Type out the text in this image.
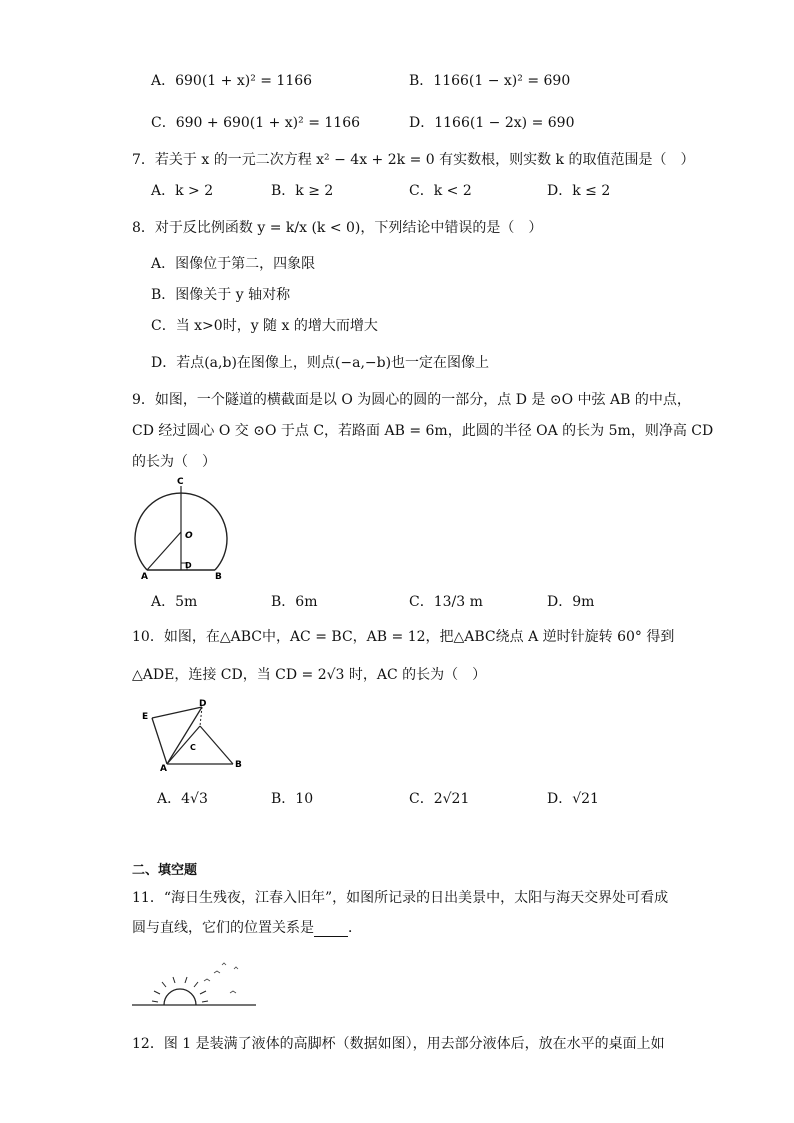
A．690(1 + x)² = 1166	B．1166(1 − x)² = 690
C．690 + 690(1 + x)² = 1166	D．1166(1 − 2x) = 690
7．若关于 x 的一元二次方程 x² − 4x + 2k = 0 有实数根，则实数 k 的取值范围是（　）
A．k > 2	B．k ≥ 2	C．k < 2	D．k ≤ 2
8．对于反比例函数 y = k/x (k < 0)，下列结论中错误的是（　）
A．图像位于第二，四象限
B．图像关于 y 轴对称
C．当 x>0时，y 随 x 的增大而增大
D．若点(a,b)在图像上，则点(−a,−b)也一定在图像上
9．如图，一个隧道的横截面是以 O 为圆心的圆的一部分，点 D 是 ⊙O 中弦 AB 的中点，
CD 经过圆心 O 交 ⊙O 于点 C，若路面 AB = 6m，此圆的半径 OA 的长为 5m，则净高 CD
的长为（　）
C
O
D
A	B
A．5m	B．6m	C．13/3 m	D．9m
10．如图，在△ABC中，AC = BC，AB = 12，把△ABC绕点 A 逆时针旋转 60° 得到
△ADE，连接 CD，当 CD = 2√3 时，AC 的长为（　）
E
D
C
A	B
A．4√3	B．10	C．2√21	D．√21
二、填空题
11．“海日生残夜，江春入旧年”，如图所记录的日出美景中，太阳与海天交界处可看成
圆与直线，它们的位置关系是 ．
12．图 1 是装满了液体的高脚杯（数据如图），用去部分液体后，放在水平的桌面上如
